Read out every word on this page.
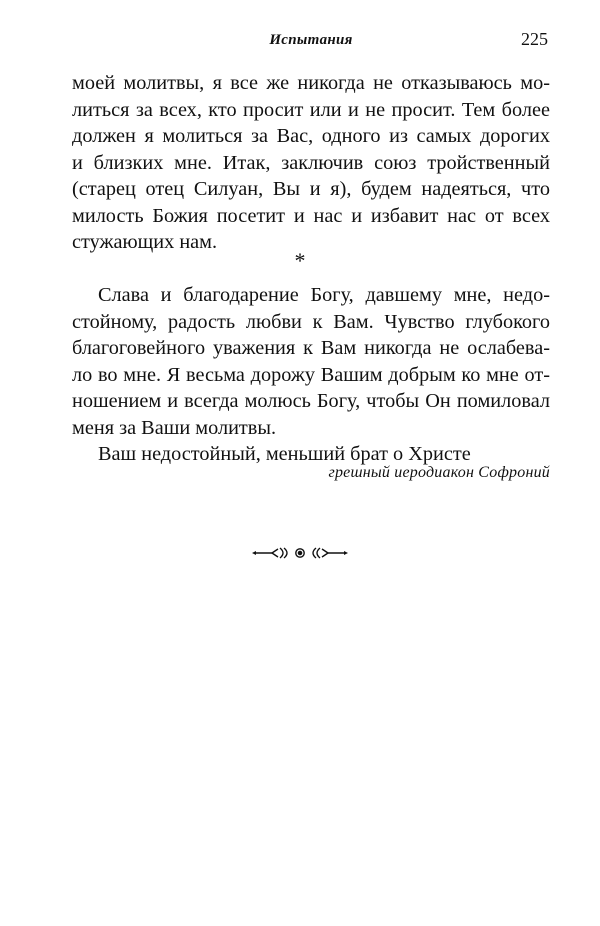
Испытания	225
моей молитвы, я все же никогда не отказываюсь мо-
литься за всех, кто просит или и не просит. Тем более
должен я молиться за Вас, одного из самых дорогих
и близких мне. Итак, заключив союз тройственный
(старец отец Силуан, Вы и я), будем надеяться, что
милость Божия посетит и нас и избавит нас от всех
стужающих нам.
*
Слава и благодарение Богу, давшему мне, недо-
стойному, радость любви к Вам. Чувство глубокого
благоговейного уважения к Вам никогда не ослабева-
ло во мне. Я весьма дорожу Вашим добрым ко мне от-
ношением и всегда молюсь Богу, чтобы Он помиловал
меня за Ваши молитвы.
Ваш недостойный, меньший брат о Христе
грешный иеродиакон Софроний
